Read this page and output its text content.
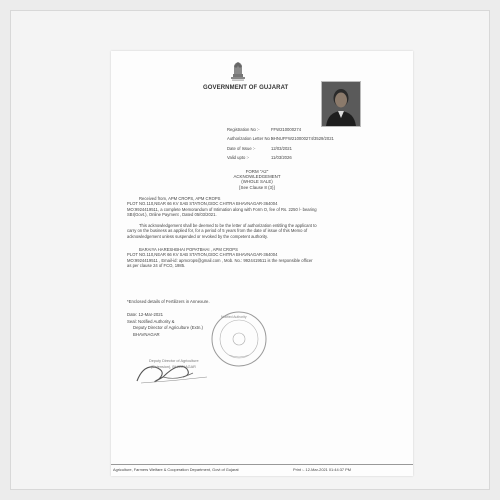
GOVERNMENT OF GUJARAT
Registration No :-	FFW210000274
Authorization Letter No :-
BHNUFFW210000274/3529/2021
Date of Issue :-	12/03/2021
Valid upto :-	11/03/2026
FORM "A2"
ACKNOWLEDGEMENT
(WHOLE SALE)
[See Clause 8 (3)]
Received from, APM CROPS, APM CROPS
PLOT NO.110,NEAR 66 KV SAB STATION,GIDC CHITRA BHAVNAGAR-364004
MO:9924419511, a complete Memorandum of Intimation along with Form O, fee of Rs. 2250 /- bearing
SBI(Govt.), Online Payment , Dated 05/03/2021.
This acknowledgement shall be deemed to be the letter of authorization entitling the applicant to
carry on the business as applied for, for a period of 5 years from the date of issue of this Memo of
acknowledgement unless suspended or revoked by the competent authority.
BARAIYA HARESHBHAI POPATBHAI , APM CROPS
PLOT NO.110,NEAR 66 KV SAB STATION,GIDC CHITRA BHAVNAGAR-364004
MO:9924419511 , Email-id: apmcrops@gmail.com , Mob. No.: 9924419511 is the responsible officer
as per clause 24 of FCO, 1985.
*Enclosed details of Fertilizers in Annexure.
Date: 12-Mar-2021
Seal: Notified Authority &
Deputy Director of Agriculture (Extn.)
BHAVNAGAR
Notified Authority
Deputy Director of Agriculture
(Extension), BHAVNAGAR
Agriculture, Farmers Welfare & Cooperation Department, Govt of Gujarat	Print :- 12-Mar-2021 01:44:37 PM
